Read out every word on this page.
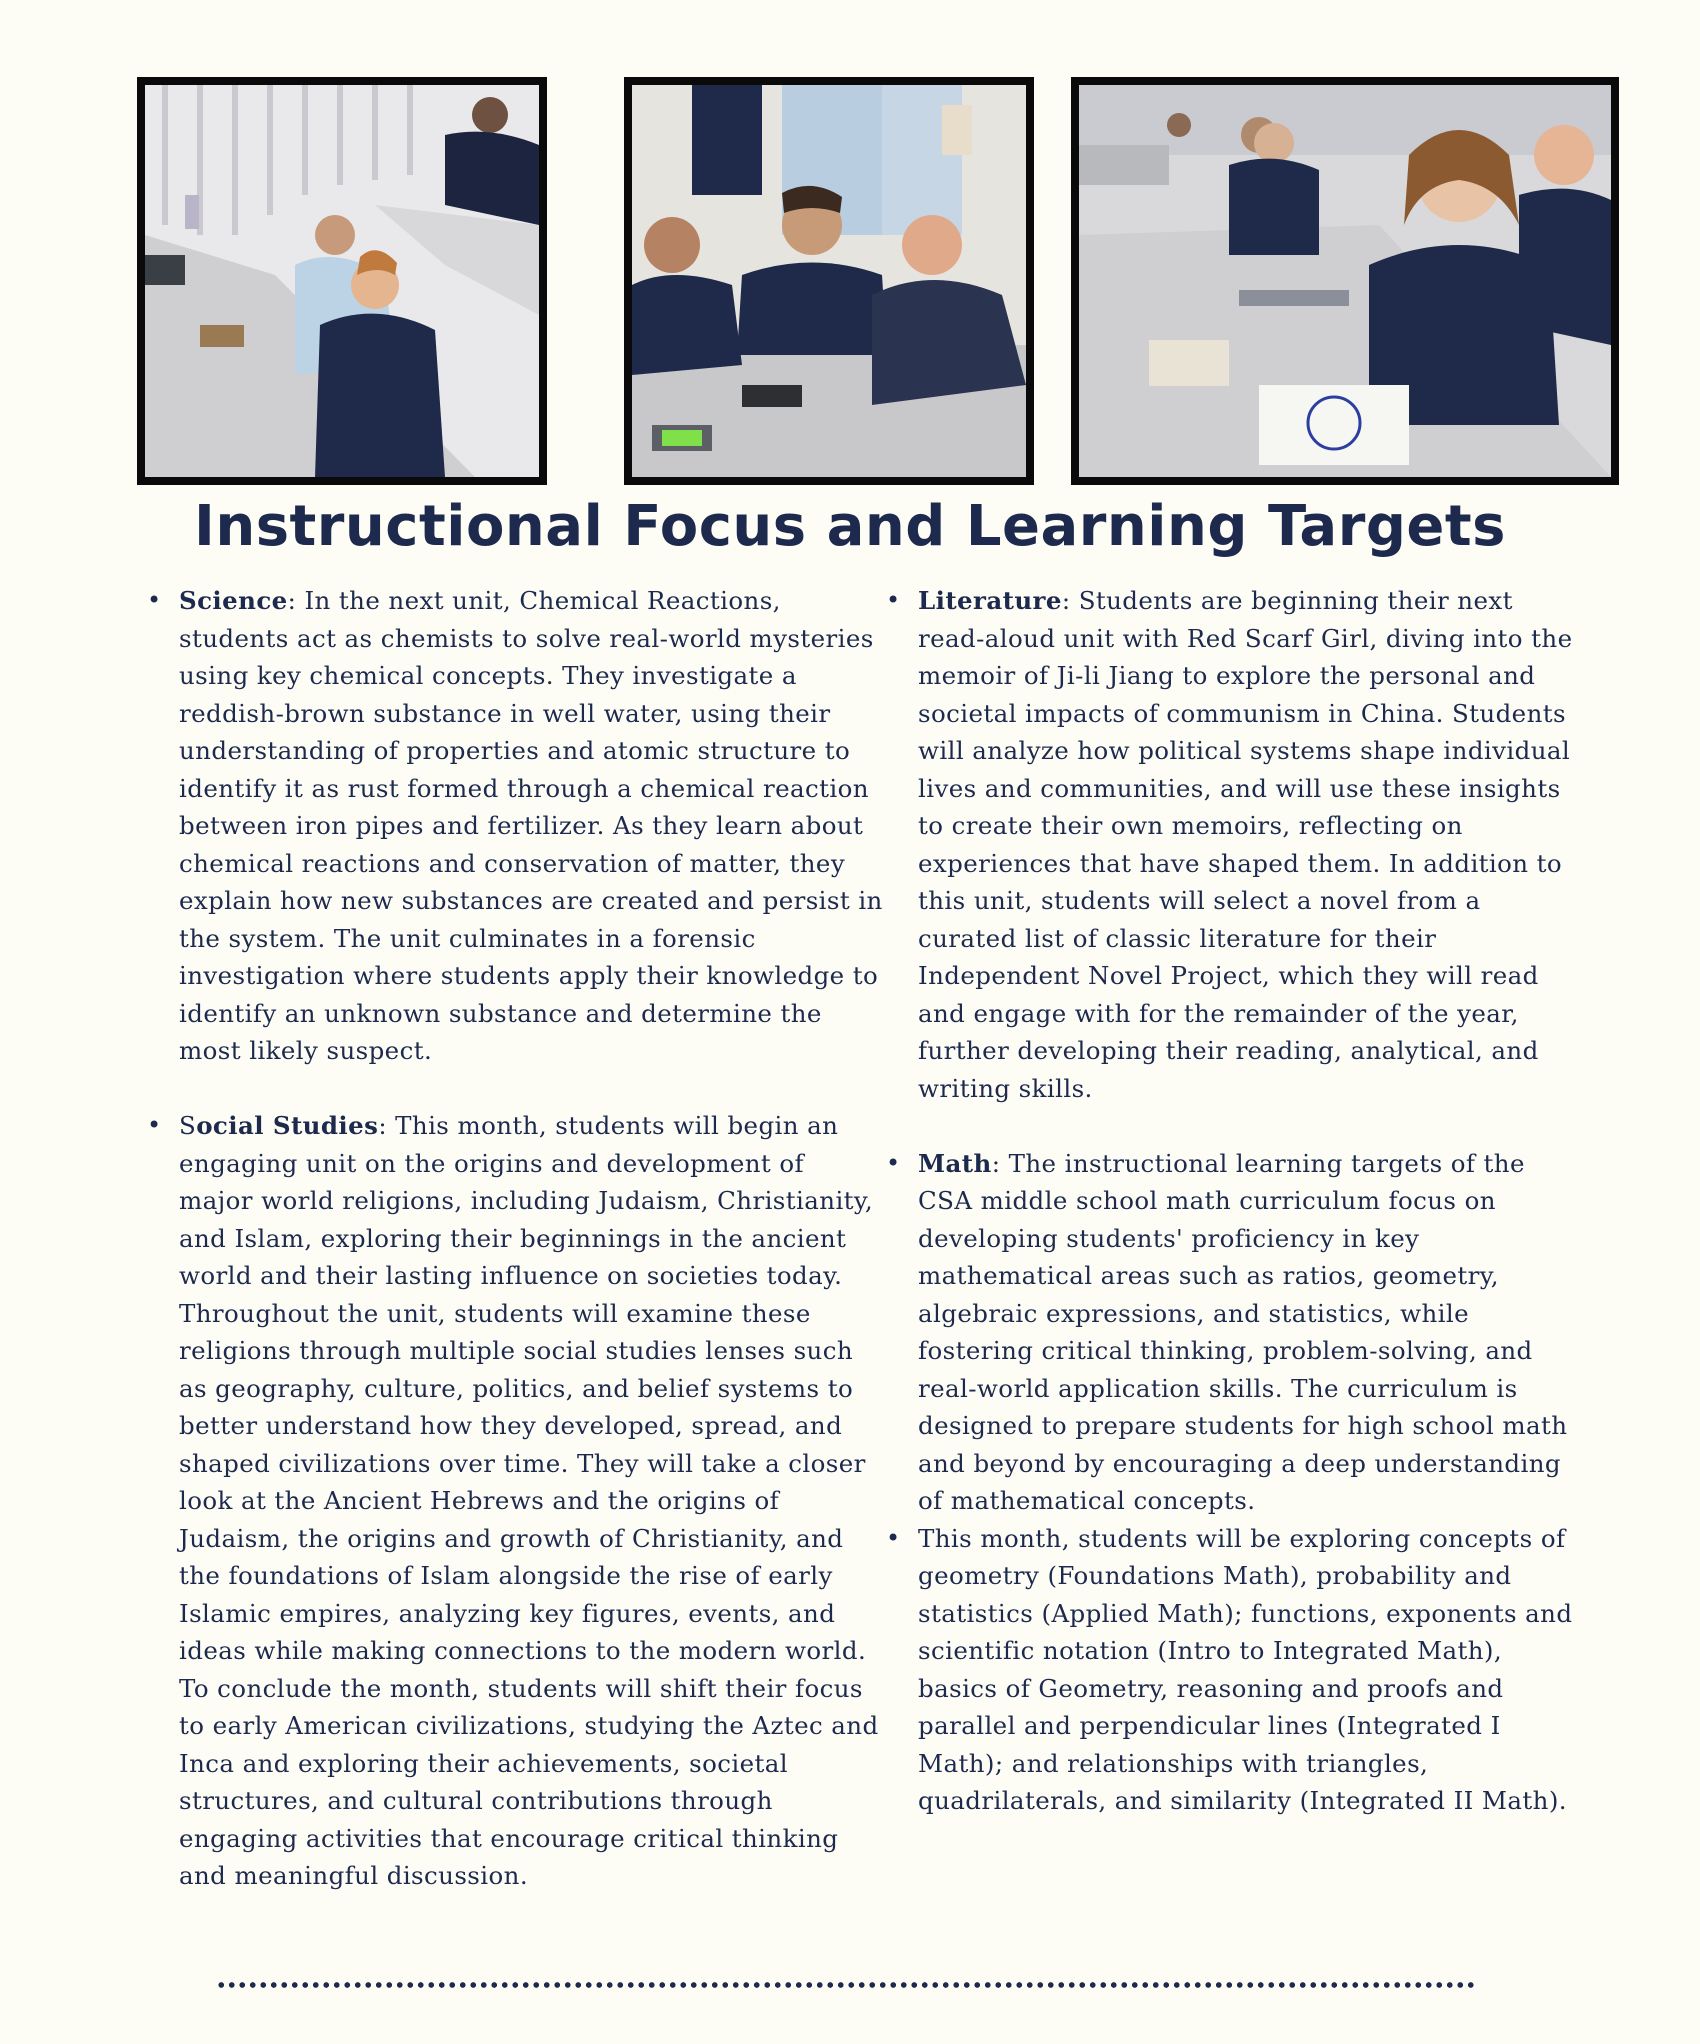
Instructional Focus and Learning Targets
• Science: In the next unit, Chemical Reactions, students act as chemists to solve real-world mysteries using key chemical concepts. They investigate a reddish-brown substance in well water, using their understanding of properties and atomic structure to identify it as rust formed through a chemical reaction between iron pipes and fertilizer. As they learn about chemical reactions and conservation of matter, they explain how new substances are created and persist in the system. The unit culminates in a forensic investigation where students apply their knowledge to identify an unknown substance and determine the most likely suspect.
• Social Studies: This month, students will begin an engaging unit on the origins and development of major world religions, including Judaism, Christianity, and Islam, exploring their beginnings in the ancient world and their lasting influence on societies today. Throughout the unit, students will examine these religions through multiple social studies lenses such as geography, culture, politics, and belief systems to better understand how they developed, spread, and shaped civilizations over time. They will take a closer look at the Ancient Hebrews and the origins of Judaism, the origins and growth of Christianity, and the foundations of Islam alongside the rise of early Islamic empires, analyzing key figures, events, and ideas while making connections to the modern world. To conclude the month, students will shift their focus to early American civilizations, studying the Aztec and Inca and exploring their achievements, societal structures, and cultural contributions through engaging activities that encourage critical thinking and meaningful discussion.
• Literature: Students are beginning their next read-aloud unit with Red Scarf Girl, diving into the memoir of Ji-li Jiang to explore the personal and societal impacts of communism in China. Students will analyze how political systems shape individual lives and communities, and will use these insights to create their own memoirs, reflecting on experiences that have shaped them. In addition to this unit, students will select a novel from a curated list of classic literature for their Independent Novel Project, which they will read and engage with for the remainder of the year, further developing their reading, analytical, and writing skills.
• Math: The instructional learning targets of the CSA middle school math curriculum focus on developing students' proficiency in key mathematical areas such as ratios, geometry, algebraic expressions, and statistics, while fostering critical thinking, problem-solving, and real-world application skills. The curriculum is designed to prepare students for high school math and beyond by encouraging a deep understanding of mathematical concepts.
• This month, students will be exploring concepts of geometry (Foundations Math), probability and statistics (Applied Math); functions, exponents and scientific notation (Intro to Integrated Math), basics of Geometry, reasoning and proofs and parallel and perpendicular lines (Integrated I Math); and relationships with triangles, quadrilaterals, and similarity (Integrated II Math).
